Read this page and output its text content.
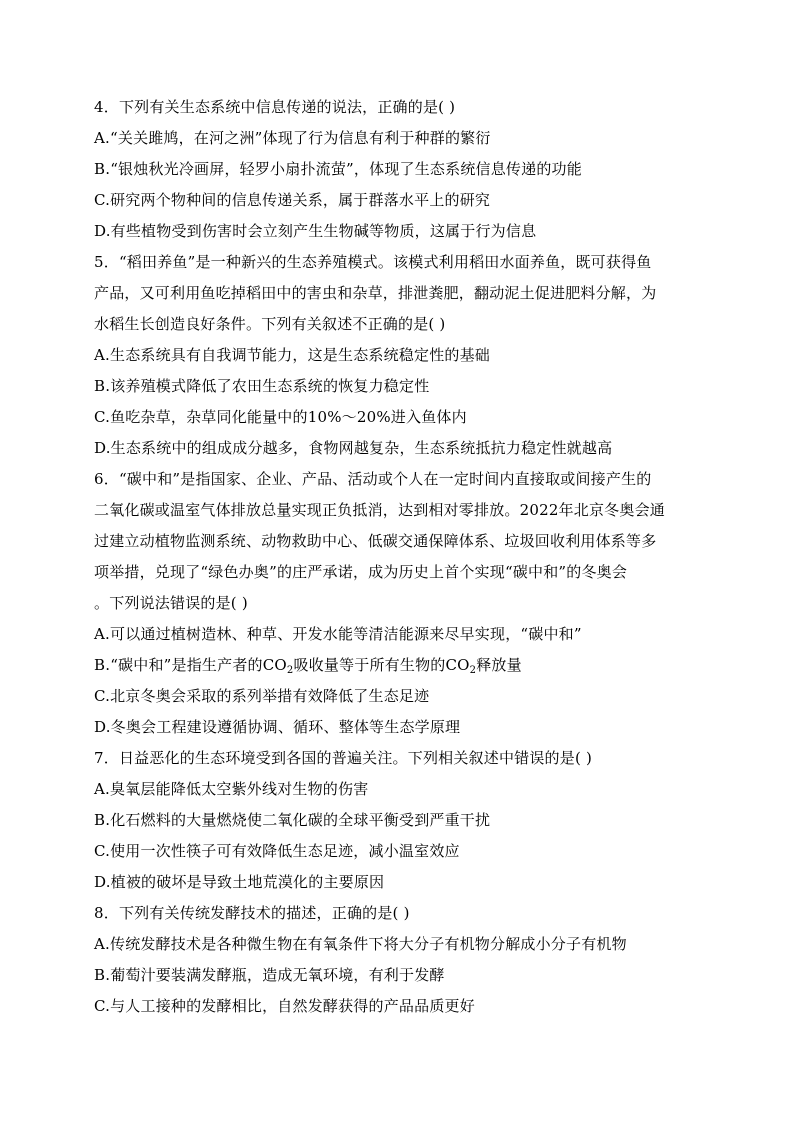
4．下列有关生态系统中信息传递的说法，正确的是( )
A.“关关雎鸠，在河之洲”体现了行为信息有利于种群的繁衍
B.“银烛秋光冷画屏，轻罗小扇扑流萤”，体现了生态系统信息传递的功能
C.研究两个物种间的信息传递关系，属于群落水平上的研究
D.有些植物受到伤害时会立刻产生生物碱等物质，这属于行为信息
5．“稻田养鱼”是一种新兴的生态养殖模式。该模式利用稻田水面养鱼，既可获得鱼
产品，又可利用鱼吃掉稻田中的害虫和杂草，排泄粪肥，翻动泥土促进肥料分解，为
水稻生长创造良好条件。下列有关叙述不正确的是( )
A.生态系统具有自我调节能力，这是生态系统稳定性的基础
B.该养殖模式降低了农田生态系统的恢复力稳定性
C.鱼吃杂草，杂草同化能量中的10%～20%进入鱼体内
D.生态系统中的组成成分越多，食物网越复杂，生态系统抵抗力稳定性就越高
6．“碳中和”是指国家、企业、产品、活动或个人在一定时间内直接取或间接产生的
二氧化碳或温室气体排放总量实现正负抵消，达到相对零排放。2022年北京冬奥会通
过建立动植物监测系统、动物救助中心、低碳交通保障体系、垃圾回收利用体系等多
项举措，兑现了“绿色办奥”的庄严承诺，成为历史上首个实现“碳中和”的冬奥会
。下列说法错误的是( )
A.可以通过植树造林、种草、开发水能等清洁能源来尽早实现，“碳中和”
B.“碳中和”是指生产者的$CO_2$吸收量等于所有生物的$CO_2$释放量
C.北京冬奥会采取的系列举措有效降低了生态足迹
D.冬奥会工程建设遵循协调、循环、整体等生态学原理
7．日益恶化的生态环境受到各国的普遍关注。下列相关叙述中错误的是( )
A.臭氧层能降低太空紫外线对生物的伤害
B.化石燃料的大量燃烧使二氧化碳的全球平衡受到严重干扰
C.使用一次性筷子可有效降低生态足迹，减小温室效应
D.植被的破坏是导致土地荒漠化的主要原因
8．下列有关传统发酵技术的描述，正确的是( )
A.传统发酵技术是各种微生物在有氧条件下将大分子有机物分解成小分子有机物
B.葡萄汁要装满发酵瓶，造成无氧环境，有利于发酵
C.与人工接种的发酵相比，自然发酵获得的产品品质更好
